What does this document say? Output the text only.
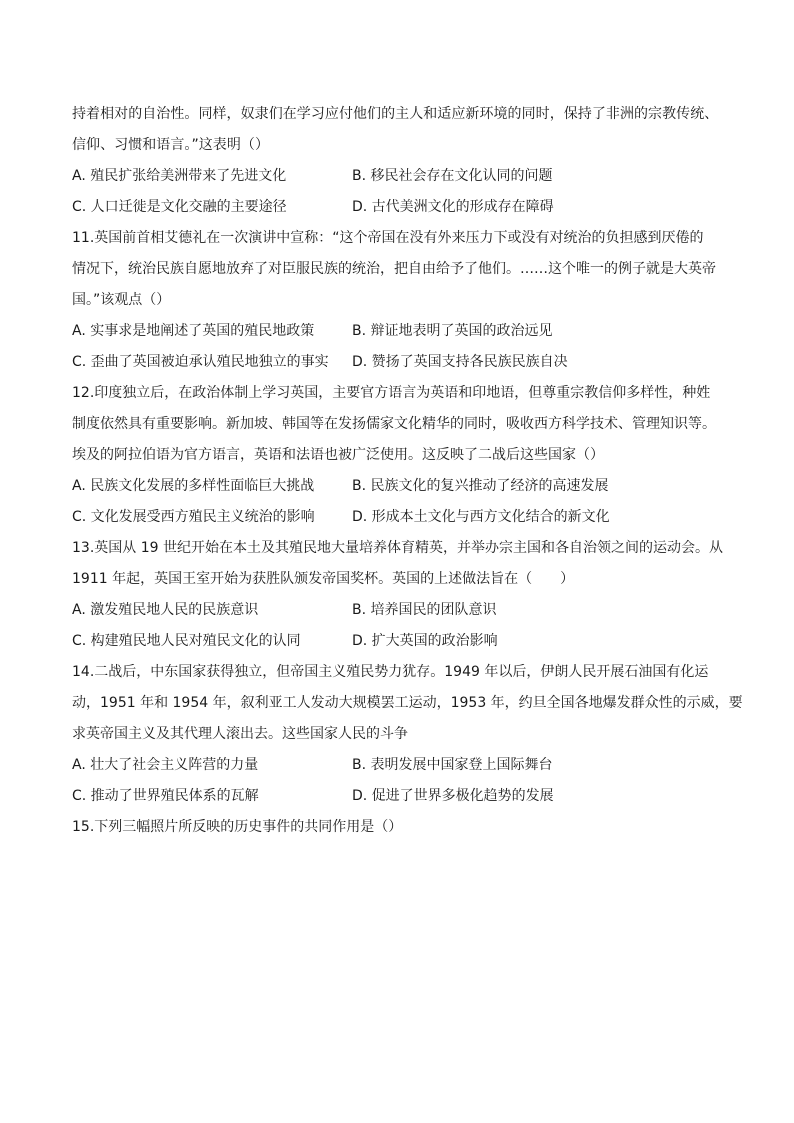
持着相对的自治性。同样，奴隶们在学习应付他们的主人和适应新环境的同时，保持了非洲的宗教传统、
信仰、习惯和语言。”这表明（）
A. 殖民扩张给美洲带来了先进文化	B. 移民社会存在文化认同的问题
C. 人口迁徙是文化交融的主要途径	D. 古代美洲文化的形成存在障碍
11.英国前首相艾德礼在一次演讲中宣称：“这个帝国在没有外来压力下或没有对统治的负担感到厌倦的
情况下，统治民族自愿地放弃了对臣服民族的统治，把自由给予了他们。……这个唯一的例子就是大英帝
国。”该观点（）
A. 实事求是地阐述了英国的殖民地政策	B. 辩证地表明了英国的政治远见
C. 歪曲了英国被迫承认殖民地独立的事实	D. 赞扬了英国支持各民族民族自决
12.印度独立后，在政治体制上学习英国，主要官方语言为英语和印地语，但尊重宗教信仰多样性，种姓
制度依然具有重要影响。新加坡、韩国等在发扬儒家文化精华的同时，吸收西方科学技术、管理知识等。
埃及的阿拉伯语为官方语言，英语和法语也被广泛使用。这反映了二战后这些国家（）
A. 民族文化发展的多样性面临巨大挑战	B. 民族文化的复兴推动了经济的高速发展
C. 文化发展受西方殖民主义统治的影响	D. 形成本土文化与西方文化结合的新文化
13.英国从 19 世纪开始在本土及其殖民地大量培养体育精英，并举办宗主国和各自治领之间的运动会。从
1911 年起，英国王室开始为获胜队颁发帝国奖杯。英国的上述做法旨在（　　）
A. 激发殖民地人民的民族意识	B. 培养国民的团队意识
C. 构建殖民地人民对殖民文化的认同	D. 扩大英国的政治影响
14.二战后，中东国家获得独立，但帝国主义殖民势力犹存。1949 年以后，伊朗人民开展石油国有化运
动，1951 年和 1954 年，叙利亚工人发动大规模罢工运动，1953 年，约旦全国各地爆发群众性的示威，要
求英帝国主义及其代理人滚出去。这些国家人民的斗争
A. 壮大了社会主义阵营的力量	B. 表明发展中国家登上国际舞台
C. 推动了世界殖民体系的瓦解	D. 促进了世界多极化趋势的发展
15.下列三幅照片所反映的历史事件的共同作用是（）
